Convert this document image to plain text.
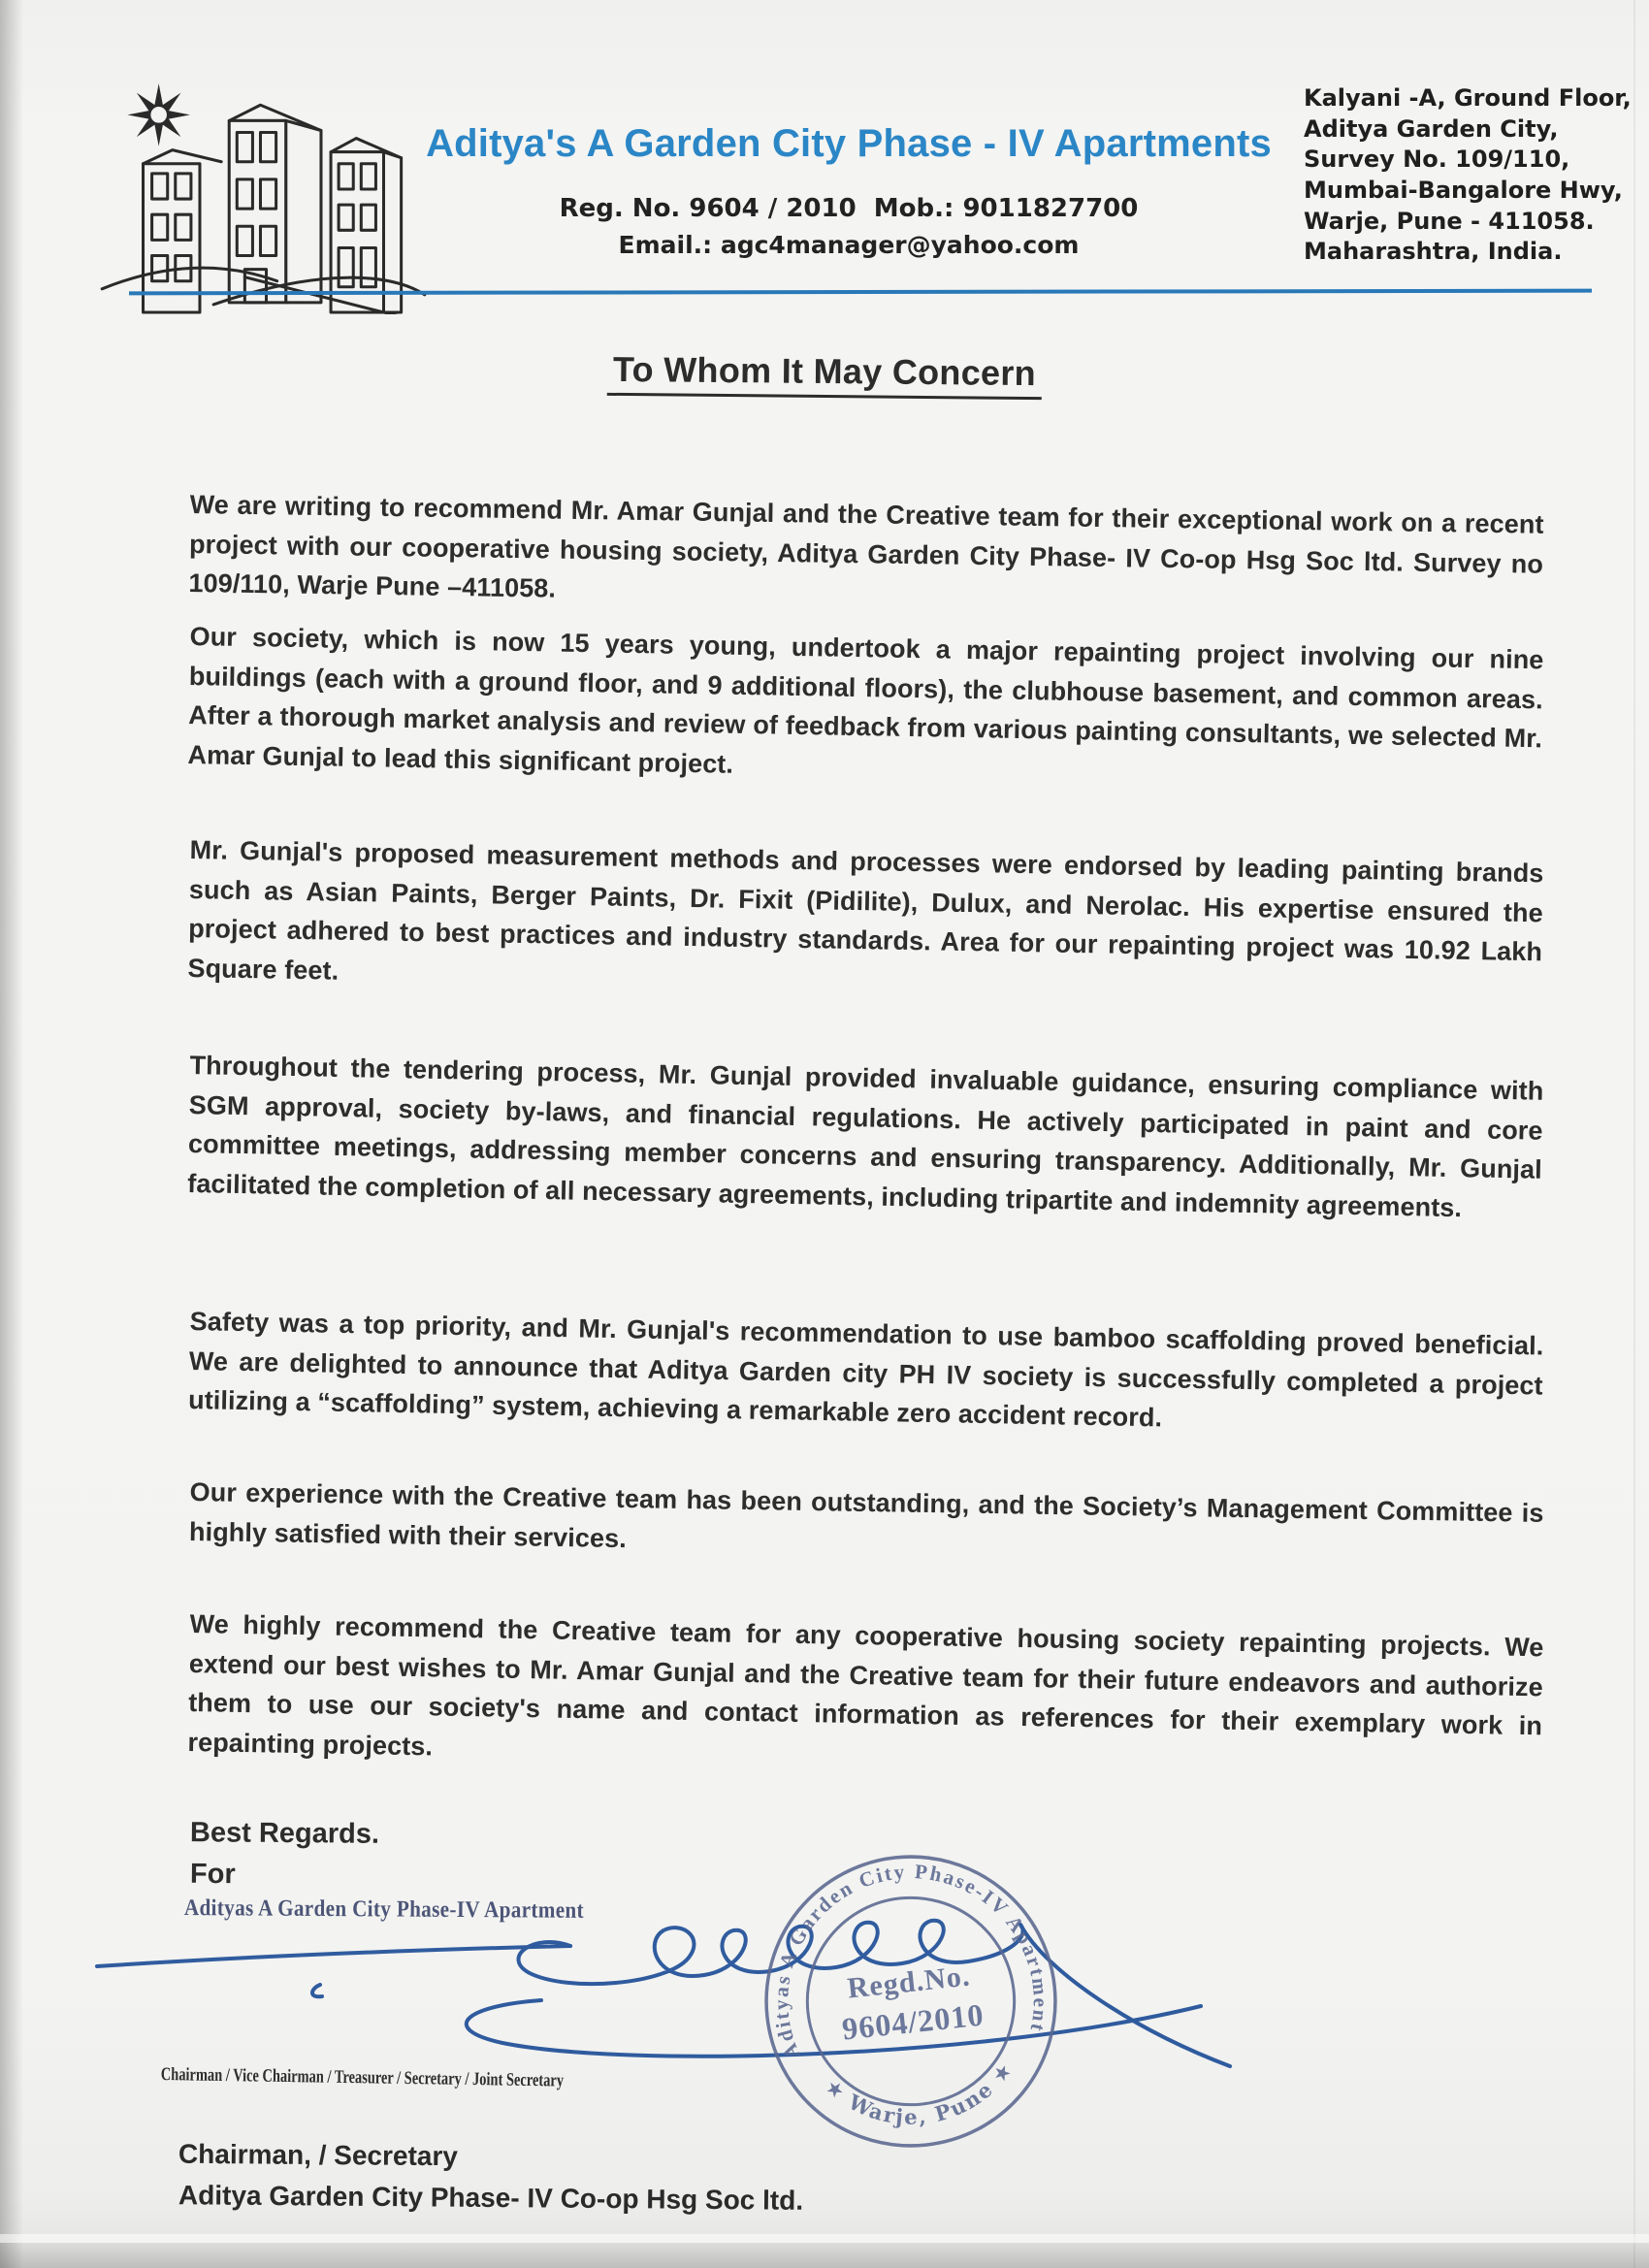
Aditya's A Garden City Phase - IV Apartments
Reg. No. 9604 / 2010  Mob.: 9011827700
Email.: agc4manager@yahoo.com
Kalyani -A, Ground Floor,
Aditya Garden City,
Survey No. 109/110,
Mumbai-Bangalore Hwy,
Warje, Pune - 411058.
Maharashtra, India.
To Whom It May Concern

We are writing to recommend Mr. Amar Gunjal and the Creative team for their exceptional work on a recent project with our cooperative housing society, Aditya Garden City Phase- IV Co-op Hsg Soc ltd. Survey no 109/110, Warje Pune –411058.

Our society, which is now 15 years young, undertook a major repainting project involving our nine buildings (each with a ground floor, and 9 additional floors), the clubhouse basement, and common areas. After a thorough market analysis and review of feedback from various painting consultants, we selected Mr. Amar Gunjal to lead this significant project.

Mr. Gunjal's proposed measurement methods and processes were endorsed by leading painting brands such as Asian Paints, Berger Paints, Dr. Fixit (Pidilite), Dulux, and Nerolac. His expertise ensured the project adhered to best practices and industry standards. Area for our repainting project was 10.92 Lakh Square feet.

Throughout the tendering process, Mr. Gunjal provided invaluable guidance, ensuring compliance with SGM approval, society by-laws, and financial regulations. He actively participated in paint and core committee meetings, addressing member concerns and ensuring transparency. Additionally, Mr. Gunjal facilitated the completion of all necessary agreements, including tripartite and indemnity agreements.

Safety was a top priority, and Mr. Gunjal's recommendation to use bamboo scaffolding proved beneficial. We are delighted to announce that Aditya Garden city PH IV society is successfully completed a project utilizing a “scaffolding” system, achieving a remarkable zero accident record.

Our experience with the Creative team has been outstanding, and the Society’s Management Committee is highly satisfied with their services.

We highly recommend the Creative team for any cooperative housing society repainting projects. We extend our best wishes to Mr. Amar Gunjal and the Creative team for their future endeavors and authorize them to use our society's name and contact information as references for their exemplary work in repainting projects.

Best Regards.
For
Adityas A Garden City Phase-IV Apartment
Chairman / Vice Chairman / Treasurer / Secretary / Joint Secretary
Adityas A Garden City Phase-IV Apartment
★ Warje, Pune ★
Regd.No.
9604/2010
Chairman, / Secretary
Aditya Garden City Phase- IV Co-op Hsg Soc ltd.
